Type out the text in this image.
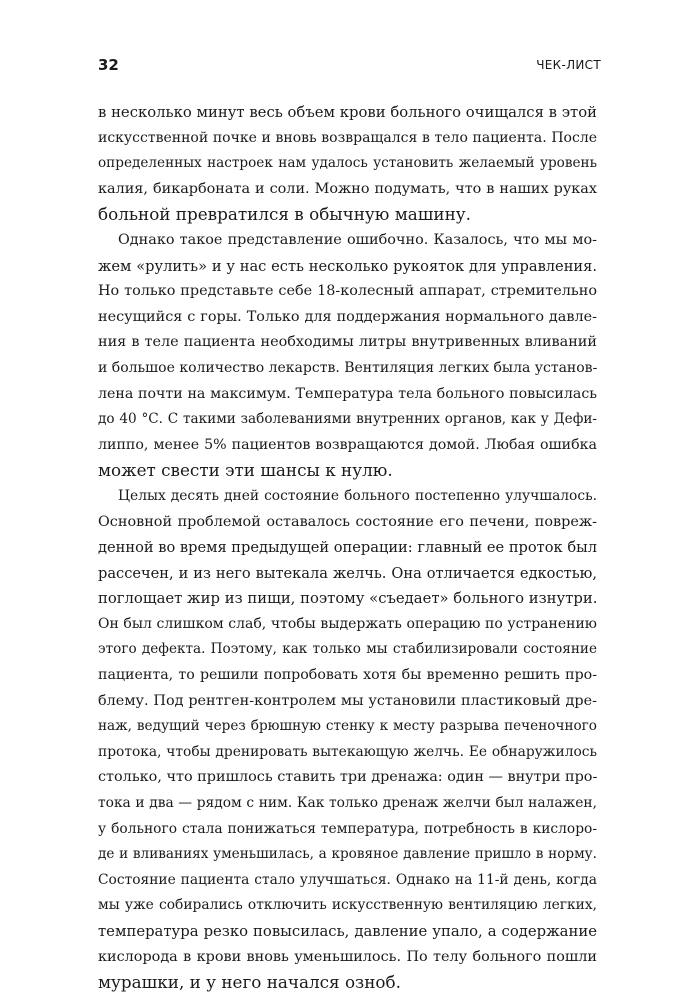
32	ЧЕК-ЛИСТ
в несколько минут весь объем крови больного очищался в этой
искусственной почке и вновь возвращался в тело пациента. После
определенных настроек нам удалось установить желаемый уровень
калия, бикарбоната и соли. Можно подумать, что в наших руках
больной превратился в обычную машину.
Однако такое представление ошибочно. Казалось, что мы мо-
жем «рулить» и у нас есть несколько рукояток для управления.
Но только представьте себе 18-колесный аппарат, стремительно
несущийся с горы. Только для поддержания нормального давле-
ния в теле пациента необходимы литры внутривенных вливаний
и большое количество лекарств. Вентиляция легких была установ-
лена почти на максимум. Температура тела больного повысилась
до 40 °С. С такими заболеваниями внутренних органов, как у Дефи-
липпо, менее 5% пациентов возвращаются домой. Любая ошибка
может свести эти шансы к нулю.
Целых десять дней состояние больного постепенно улучшалось.
Основной проблемой оставалось состояние его печени, повреж-
денной во время предыдущей операции: главный ее проток был
рассечен, и из него вытекала желчь. Она отличается едкостью,
поглощает жир из пищи, поэтому «съедает» больного изнутри.
Он был слишком слаб, чтобы выдержать операцию по устранению
этого дефекта. Поэтому, как только мы стабилизировали состояние
пациента, то решили попробовать хотя бы временно решить про-
блему. Под рентген-контролем мы установили пластиковый дре-
наж, ведущий через брюшную стенку к месту разрыва печеночного
протока, чтобы дренировать вытекающую желчь. Ее обнаружилось
столько, что пришлось ставить три дренажа: один — внутри про-
тока и два — рядом с ним. Как только дренаж желчи был налажен,
у больного стала понижаться температура, потребность в кислоро-
де и вливаниях уменьшилась, а кровяное давление пришло в норму.
Состояние пациента стало улучшаться. Однако на 11-й день, когда
мы уже собирались отключить искусственную вентиляцию легких,
температура резко повысилась, давление упало, а содержание
кислорода в крови вновь уменьшилось. По телу больного пошли
мурашки, и у него начался озноб.
